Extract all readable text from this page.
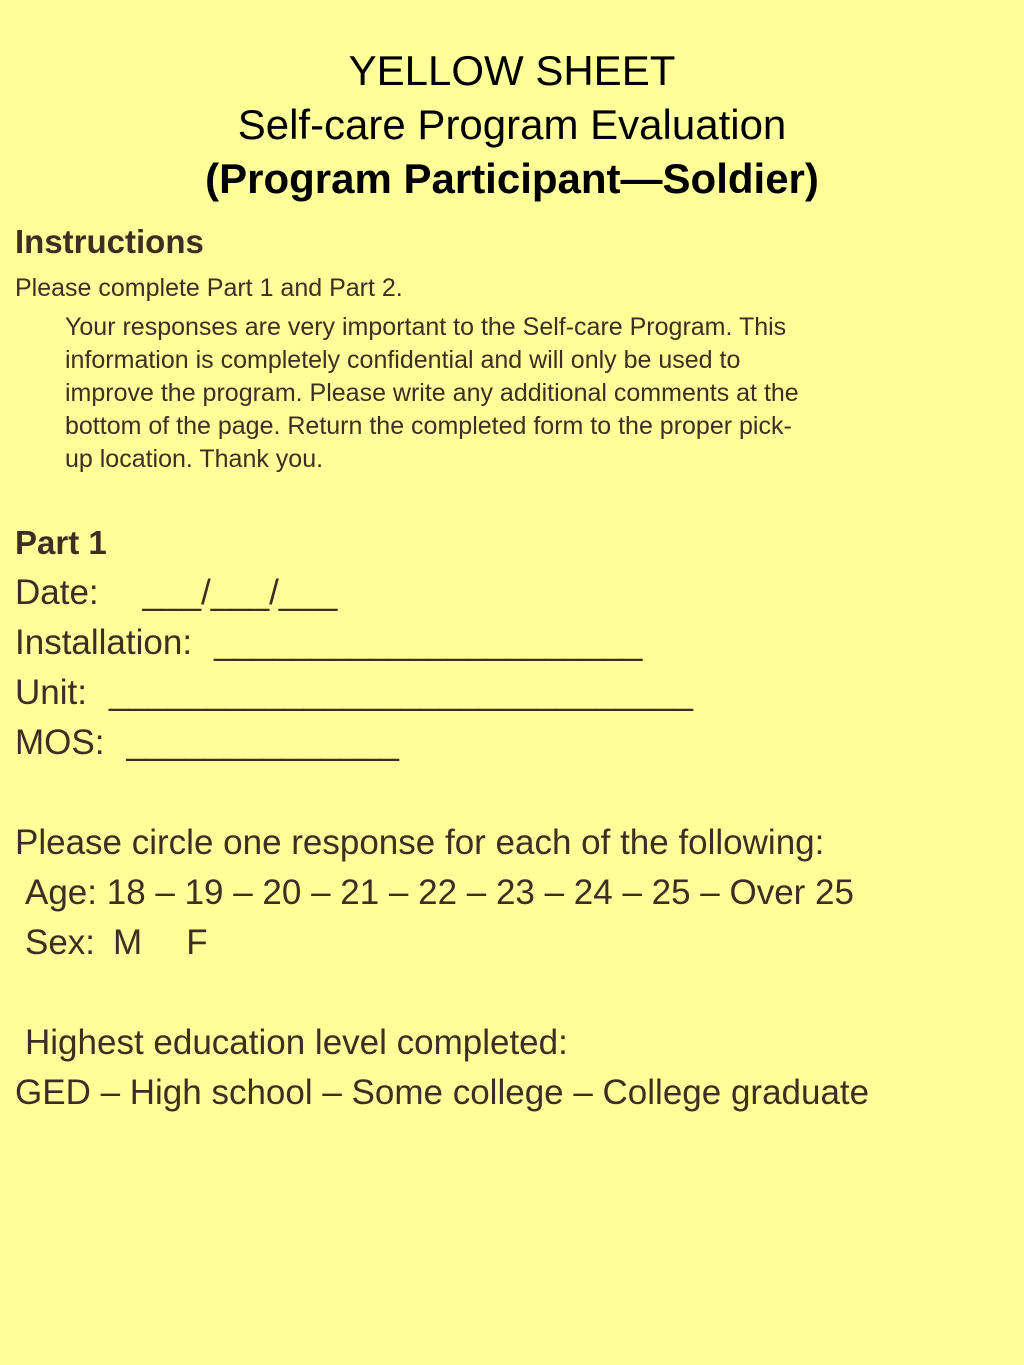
YELLOW SHEET
Self-care Program Evaluation
(Program Participant—Soldier)
Instructions
Please complete Part 1 and Part 2.
Your responses are very important to the Self-care Program. This
information is completely confidential and will only be used to
improve the program. Please write any additional comments at the
bottom of the page. Return the completed form to the proper pick-
up location. Thank you.
Part 1
Date: ___/___/___
Installation: ______________________
Unit: ______________________________
MOS: ______________
Please circle one response for each of the following:
Age: 18 – 19 – 20 – 21 – 22 – 23 – 24 – 25 – Over 25
Sex: M F
Highest education level completed:
GED – High school – Some college – College graduate
